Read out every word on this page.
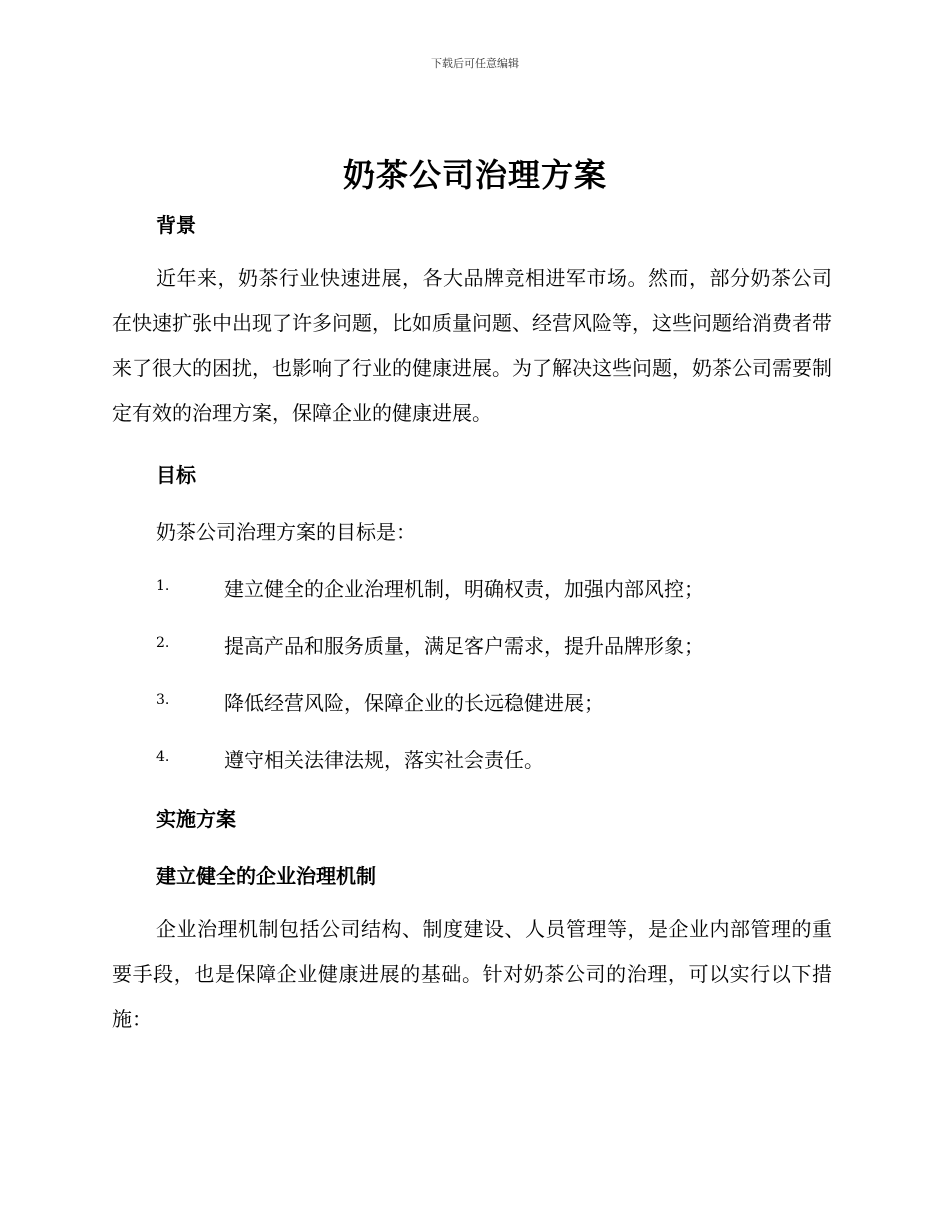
下载后可任意编辑
奶茶公司治理方案
背景
近年来，奶茶行业快速进展，各大品牌竞相进军市场。然而，部分奶茶公司在快速扩张中出现了许多问题，比如质量问题、经营风险等，这些问题给消费者带来了很大的困扰，也影响了行业的健康进展。为了解决这些问题，奶茶公司需要制定有效的治理方案，保障企业的健康进展。
目标
奶茶公司治理方案的目标是：
1.	建立健全的企业治理机制，明确权责，加强内部风控；
2.	提高产品和服务质量，满足客户需求，提升品牌形象；
3.	降低经营风险，保障企业的长远稳健进展；
4.	遵守相关法律法规，落实社会责任。
实施方案
建立健全的企业治理机制
企业治理机制包括公司结构、制度建设、人员管理等，是企业内部管理的重要手段，也是保障企业健康进展的基础。针对奶茶公司的治理，可以实行以下措施：
